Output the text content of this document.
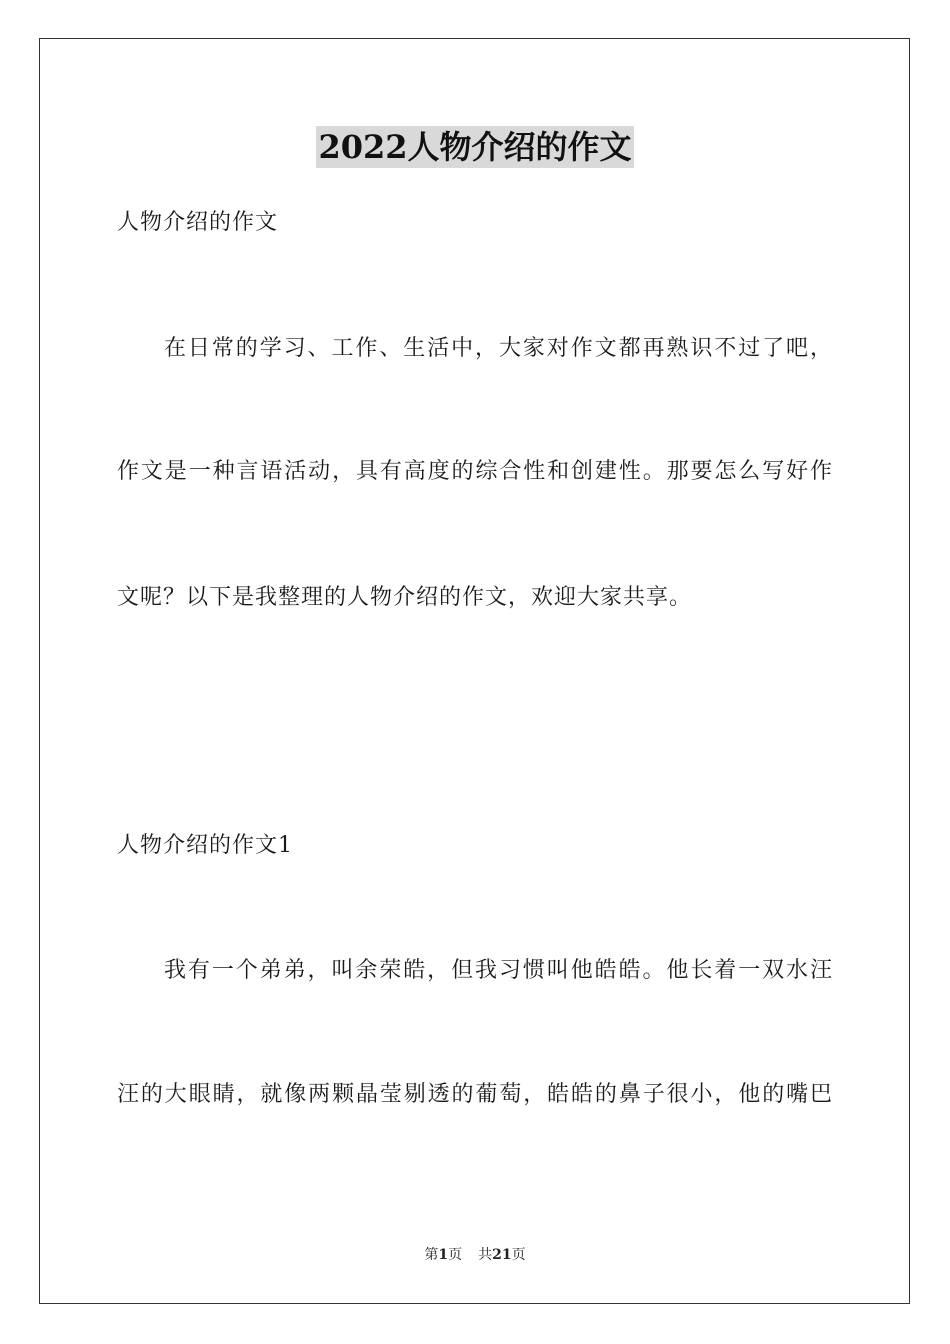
2022人物介绍的作文

人物介绍的作文

在日常的学习、工作、生活中，大家对作文都再熟识不过了吧，

作文是一种言语活动，具有高度的综合性和创建性。那要怎么写好作

文呢？以下是我整理的人物介绍的作文，欢迎大家共享。

人物介绍的作文1

我有一个弟弟，叫余荣皓，但我习惯叫他皓皓。他长着一双水汪

汪的大眼睛，就像两颗晶莹剔透的葡萄，皓皓的鼻子很小，他的嘴巴

第1页 共21页
